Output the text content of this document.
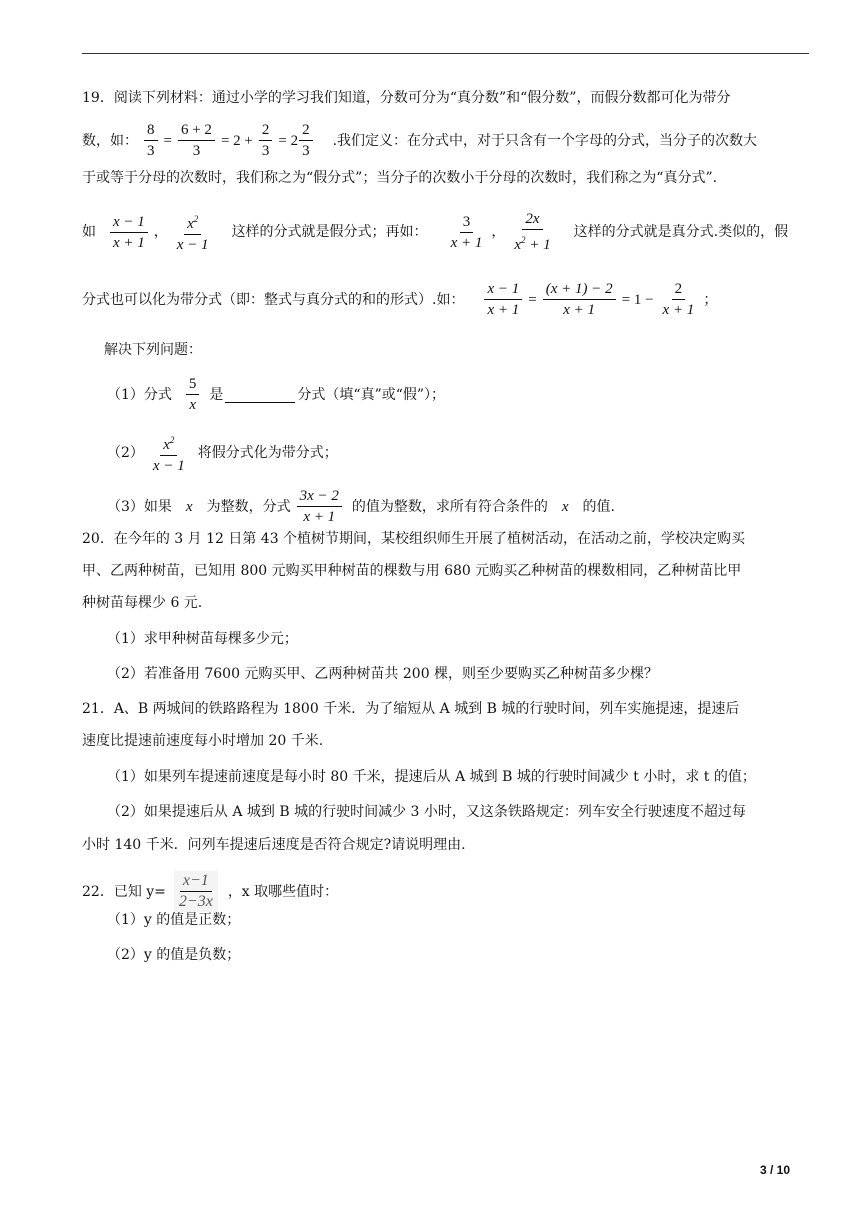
19．阅读下列材料：通过小学的学习我们知道，分数可分为“真分数”和“假分数”，而假分数都可化为带分
数，如： $\frac{8}{3} = \frac{6 + 2}{3} = 2 + \frac{2}{3} = 2 \frac{2}{3}$ .我们定义：在分式中，对于只含有一个字母的分式，当分子的次数大
于或等于分母的次数时，我们称之为“假分式”；当分子的次数小于分母的次数时，我们称之为“真分式”.
如 $\frac{x - 1}{x + 1}$ ， $\frac{x^2}{x - 1}$ 这样的分式就是假分式；再如： $\frac{3}{x + 1}$ ， $\frac{2x}{x^2 + 1}$ 这样的分式就是真分式.类似的，假
分式也可以化为带分式（即：整式与真分式的和的形式）.如： $\frac{x - 1}{x + 1} = \frac{(x + 1) - 2}{x + 1} = 1 - \frac{2}{x + 1}$ ；
解决下列问题：
（1）分式 $\frac{5}{x}$ 是	分式（填“真”或“假”）；
$(2) \frac{x^2}{x - 1}$ 将假分式化为带分式；
（3）如果 x 为整数，分式 $\frac{3x - 2}{x + 1}$ 的值为整数，求所有符合条件的 x 的值.
20．在今年的 3 月 12 日第 43 个植树节期间，某校组织师生开展了植树活动，在活动之前，学校决定购买
甲、乙两种树苗，已知用 800 元购买甲种树苗的棵数与用 680 元购买乙种树苗的棵数相同，乙种树苗比甲
种树苗每棵少 6 元.
（1）求甲种树苗每棵多少元；
（2）若准备用 7600 元购买甲、乙两种树苗共 200 棵，则至少要购买乙种树苗多少棵？
21．A、B 两城间的铁路路程为 1800 千米．为了缩短从 A 城到 B 城的行驶时间，列车实施提速，提速后
速度比提速前速度每小时增加 20 千米.
（1）如果列车提速前速度是每小时 80 千米，提速后从 A 城到 B 城的行驶时间减少 t 小时，求 t 的值；
（2）如果提速后从 A 城到 B 城的行驶时间减少 3 小时，又这条铁路规定：列车安全行驶速度不超过每
小时 140 千米．问列车提速后速度是否符合规定?请说明理由.
22．已知 $y= \frac{x-1}{2-3x}$ ，x 取哪些值时：
（1）y 的值是正数；
（2）y 的值是负数；
3 / 10
